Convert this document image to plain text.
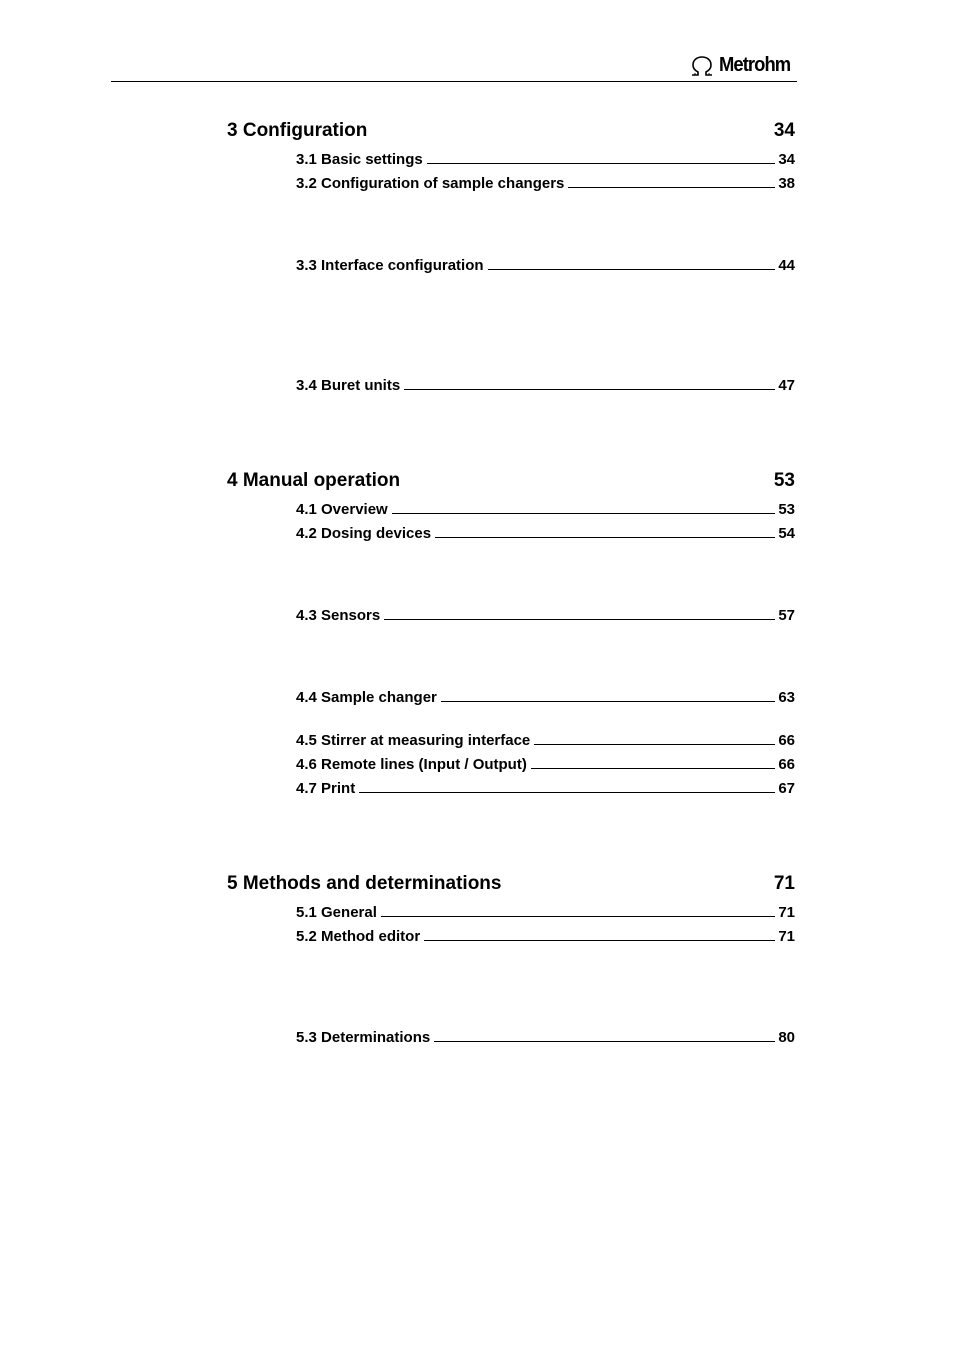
Metrohm
3 Configuration	34
3.1 Basic settings	34
3.2 Configuration of sample changers	38
3.3 Interface configuration	44
3.4 Buret units	47
4 Manual operation	53
4.1 Overview	53
4.2 Dosing devices	54
4.3 Sensors	57
4.4 Sample changer	63
4.5 Stirrer at measuring interface	66
4.6 Remote lines (Input / Output)	66
4.7 Print	67
5 Methods and determinations	71
5.1 General	71
5.2 Method editor	71
5.3 Determinations	80
